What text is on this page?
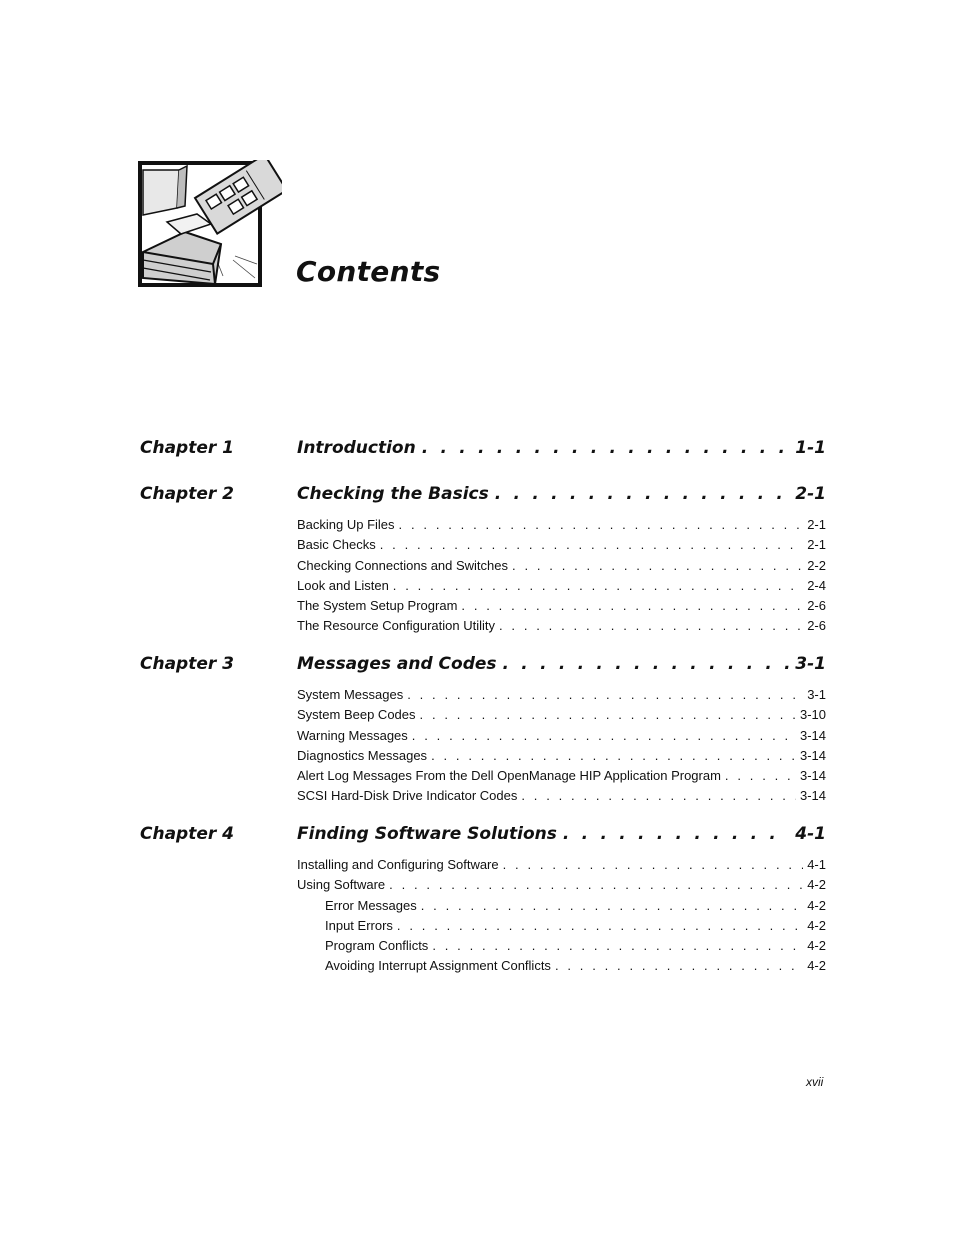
Contents
Chapter 1	Introduction . . .	1-1
Chapter 2	Checking the Basics . . .	2-1
Backing Up Files . . .	2-1
Basic Checks . . .	2-1
Checking Connections and Switches . . .	2-2
Look and Listen . . .	2-4
The System Setup Program . . .	2-6
The Resource Configuration Utility . . .	2-6
Chapter 3	Messages and Codes . . .	3-1
System Messages . . .	3-1
System Beep Codes . . .	3-10
Warning Messages . . .	3-14
Diagnostics Messages . . .	3-14
Alert Log Messages From the Dell OpenManage HIP Application Program . . .	3-14
SCSI Hard-Disk Drive Indicator Codes . . .	3-14
Chapter 4	Finding Software Solutions . . .	4-1
Installing and Configuring Software . . .	4-1
Using Software . . .	4-2
Error Messages . . .	4-2
Input Errors . . .	4-2
Program Conflicts . . .	4-2
Avoiding Interrupt Assignment Conflicts . . .	4-2
xvii
